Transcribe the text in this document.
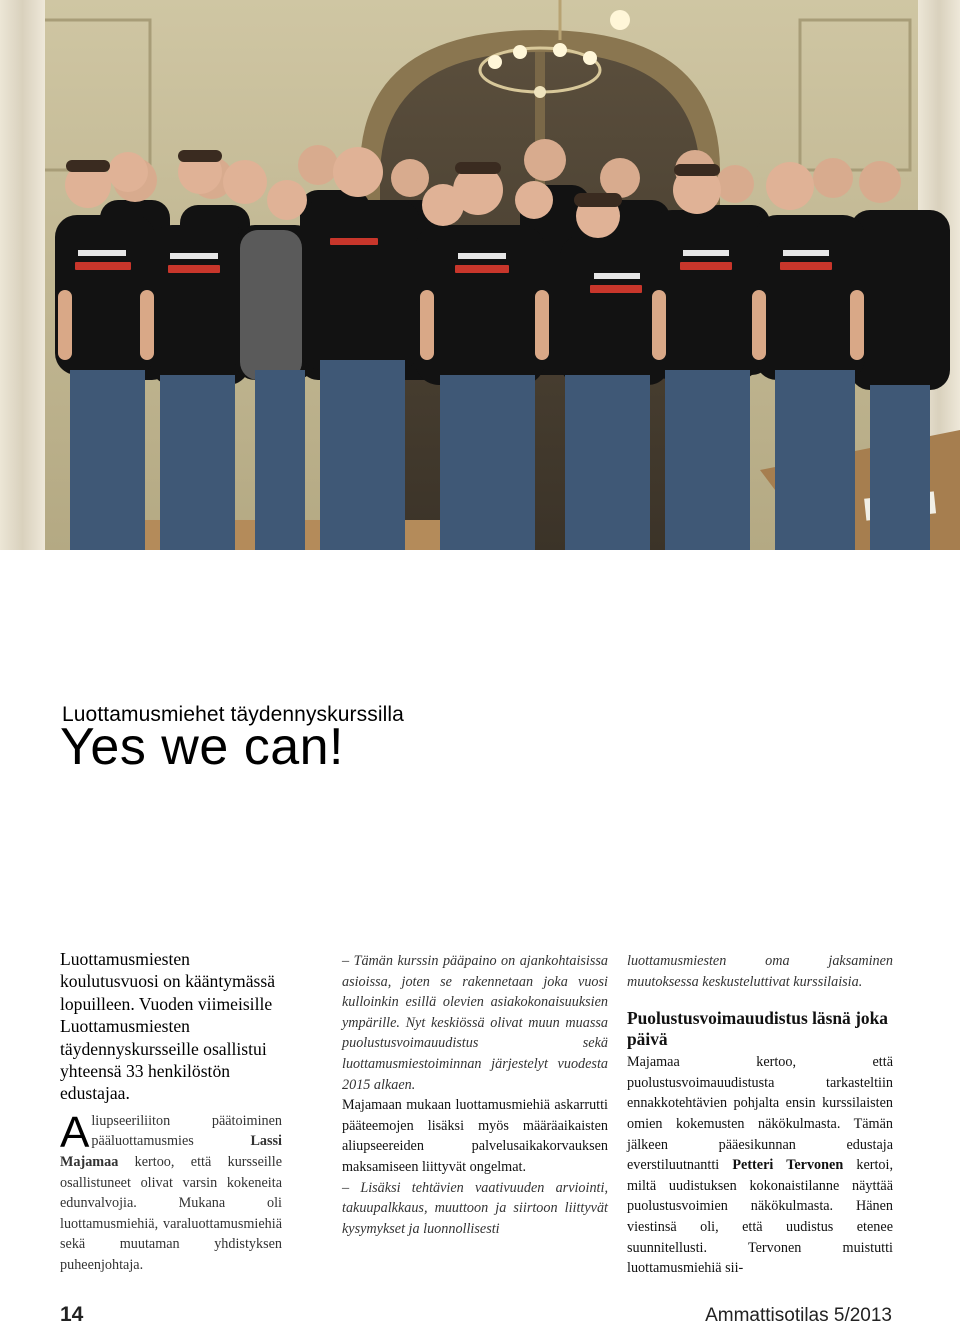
Luottamusmiehet täydennyskurssilla
Yes we can!

Luottamusmiesten koulutusvuosi on kääntymässä lopuilleen. Vuoden viimeisille Luottamusmiesten täydennyskursseille osallistui yhteensä 33 henkilöstön edustajaa.

Aliupseeriliiton päätoiminen pääluottamusmies Lassi Majamaa kertoo, että kursseille osallistuneet olivat varsin kokeneita edunvalvojia. Mukana oli luottamusmiehiä, varaluottamusmiehiä sekä muutaman yhdistyksen puheenjohtaja.

– Tämän kurssin pääpaino on ajankohtaisissa asioissa, joten se rakennetaan joka vuosi kulloinkin esillä olevien asiakokonaisuuksien ympärille. Nyt keskiössä olivat muun muassa puolustusvoimauudistus sekä luottamusmiestoiminnan järjestelyt vuodesta 2015 alkaen.

Majamaan mukaan luottamusmiehiä askarrutti pääteemojen lisäksi myös määräaikaisten aliupseereiden palvelusaikakorvauksen maksamiseen liittyvät ongelmat.

– Lisäksi tehtävien vaativuuden arviointi, takuupalkkaus, muuttoon ja siirtoon liittyvät kysymykset ja luonnollisesti

luottamusmiesten oma jaksaminen muutoksessa keskusteluttivat kurssilaisia.

Puolustusvoimauudistus läsnä joka päivä

Majamaa kertoo, että puolustusvoimauudistusta tarkasteltiin ennakkotehtävien pohjalta ensin kurssilaisten omien kokemusten näkökulmasta. Tämän jälkeen pääesikunnan edustaja everstiluutnantti Petteri Tervonen kertoi, miltä uudistuksen kokonaistilanne näyttää puolustusvoimien näkökulmasta. Hänen viestinsä oli, että uudistus etenee suunnitellusti. Tervonen muistutti luottamusmiehiä sii-

14	Ammattisotilas 5/2013
